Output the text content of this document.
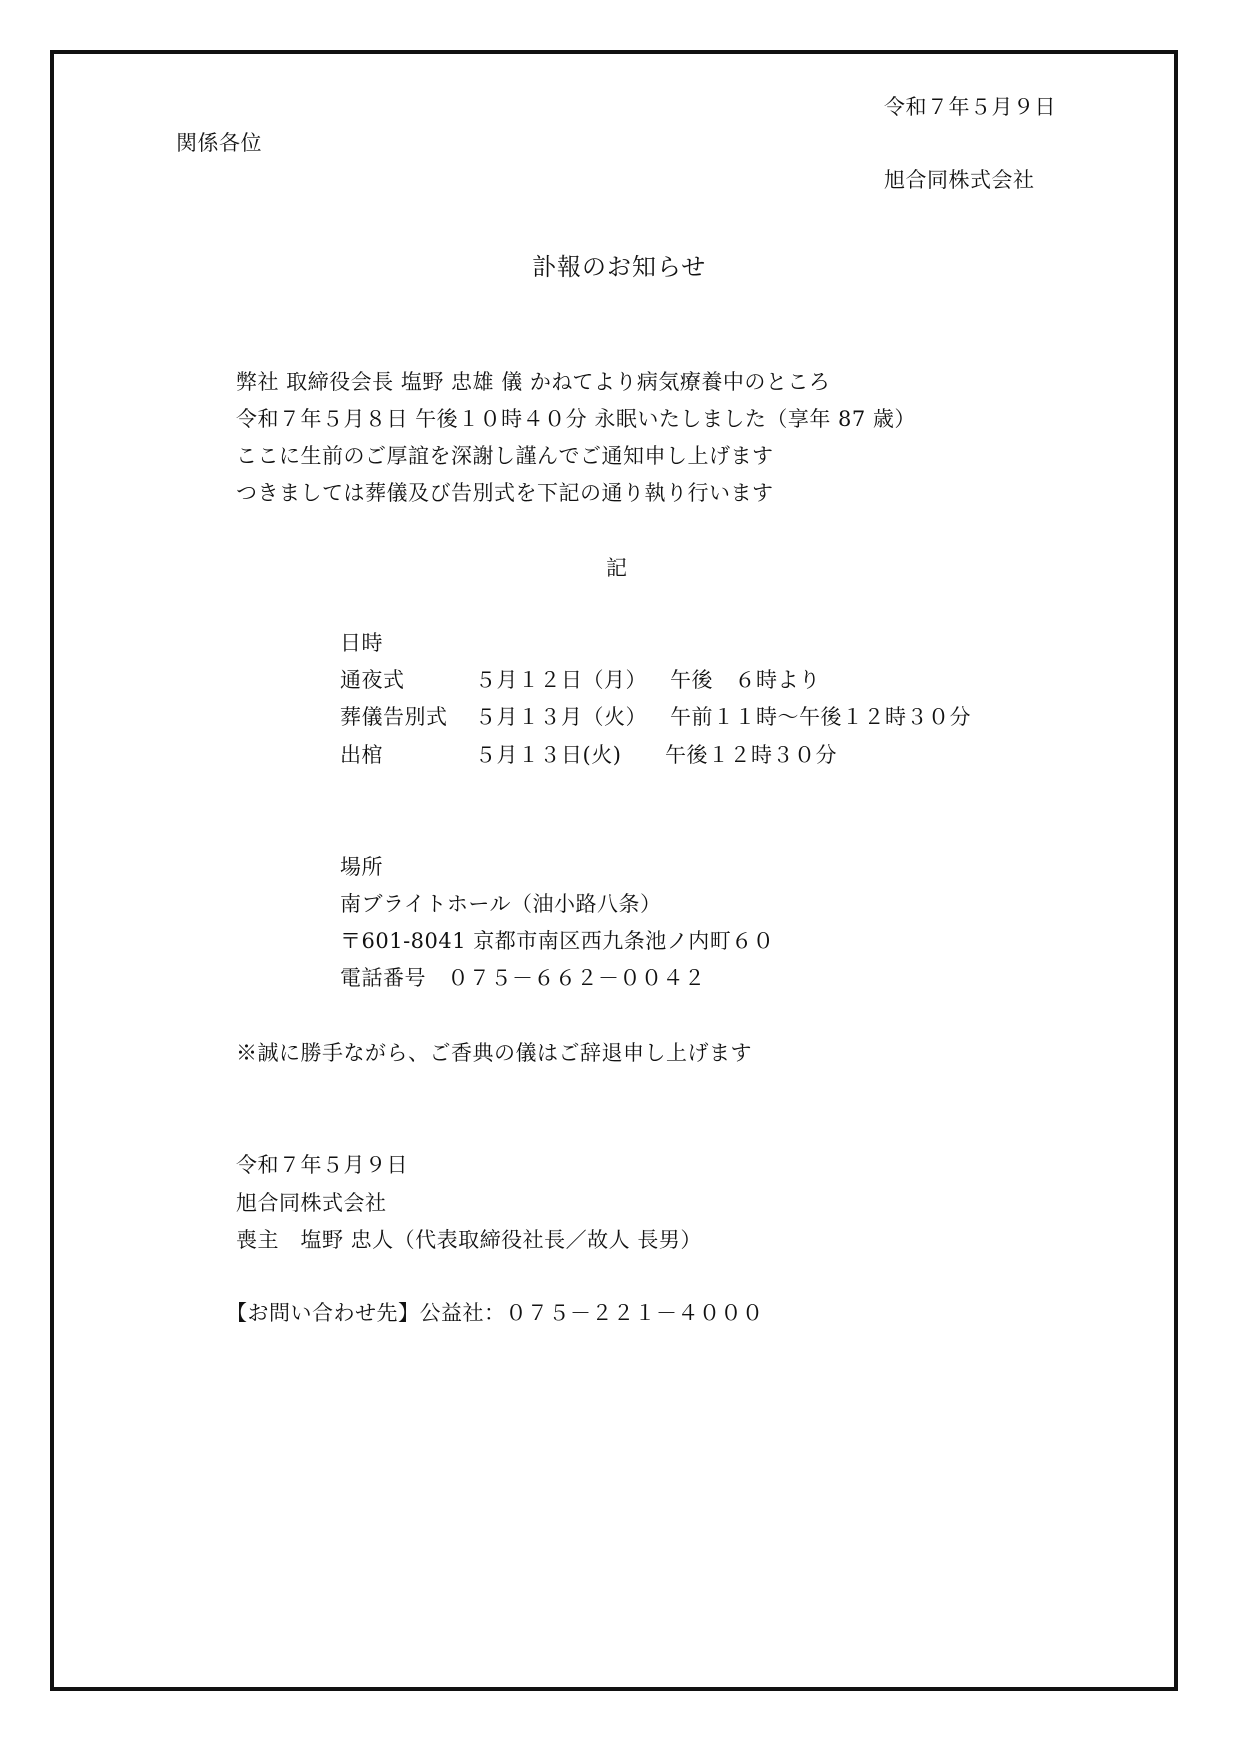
令和７年５月９日
関係各位
旭合同株式会社
訃報のお知らせ
弊社 取締役会長 塩野 忠雄 儀 かねてより病気療養中のところ
令和７年５月８日 午後１０時４０分 永眠いたしました（享年 87 歳）
ここに生前のご厚誼を深謝し謹んでご通知申し上げます
つきましては葬儀及び告別式を下記の通り執り行います
記
日時
通夜式	５月１２日（月） 午後　６時より
葬儀告別式 ５月１３月（火） 午前１１時〜午後１２時３０分
出棺	５月１３日(火) 午後１２時３０分
場所
南ブライトホール（油小路八条）
〒601-8041 京都市南区西九条池ノ内町６０
電話番号　０７５－６６２－００４２
※誠に勝手ながら、ご香典の儀はご辞退申し上げます
令和７年５月９日
旭合同株式会社
喪主　塩野 忠人（代表取締役社長／故人 長男）
【お問い合わせ先】公益社：０７５－２２１－４０００
